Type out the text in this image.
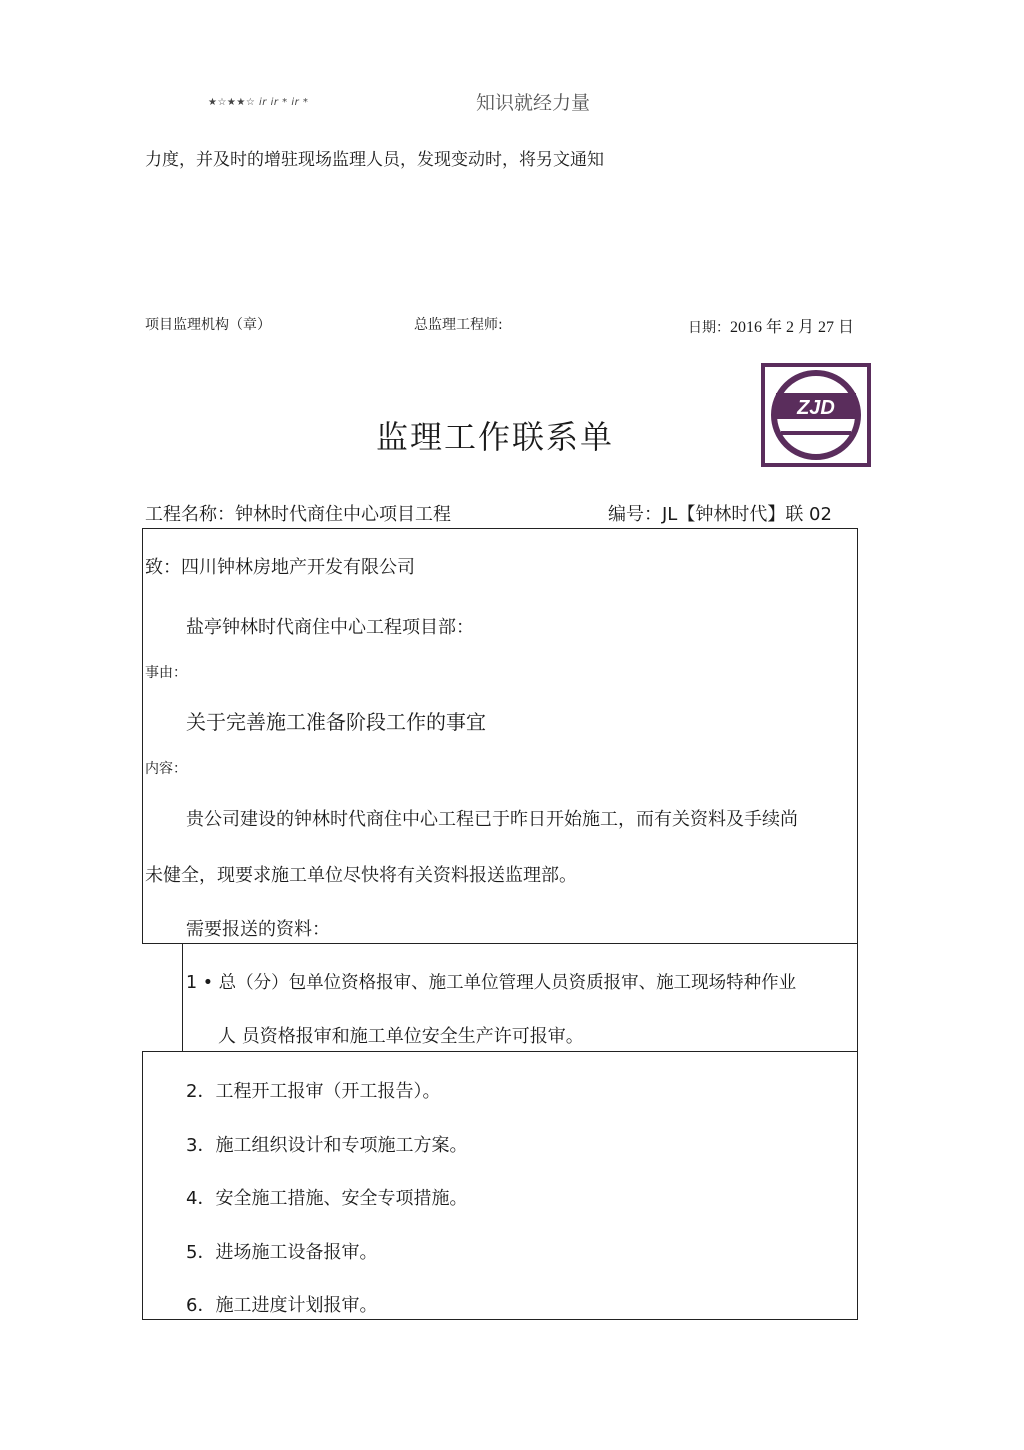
★☆★★☆ ir ir * ir *	知识就经力量
力度，并及时的增驻现场监理人员，发现变动时，将另文通知
项目监理机构（章）	总监理工程师:	日期：2016 年 2 月 27 日
监理工作联系单
ZJD
工程名称：钟林时代商住中心项目工程	编号：JL【钟林时代】联 02
致：四川钟林房地产开发有限公司
盐亭钟林时代商住中心工程项目部：
事由：
关于完善施工准备阶段工作的事宜
内容：
贵公司建设的钟林时代商住中心工程已于昨日开始施工，而有关资料及手续尚
未健全，现要求施工单位尽快将有关资料报送监理部。
需要报送的资料：
1 • 总（分）包单位资格报审、施工单位管理人员资质报审、施工现场特种作业
人 员资格报审和施工单位安全生产许可报审。
2．工程开工报审（开工报告）。
3．施工组织设计和专项施工方案。
4．安全施工措施、安全专项措施。
5．进场施工设备报审。
6．施工进度计划报审。
